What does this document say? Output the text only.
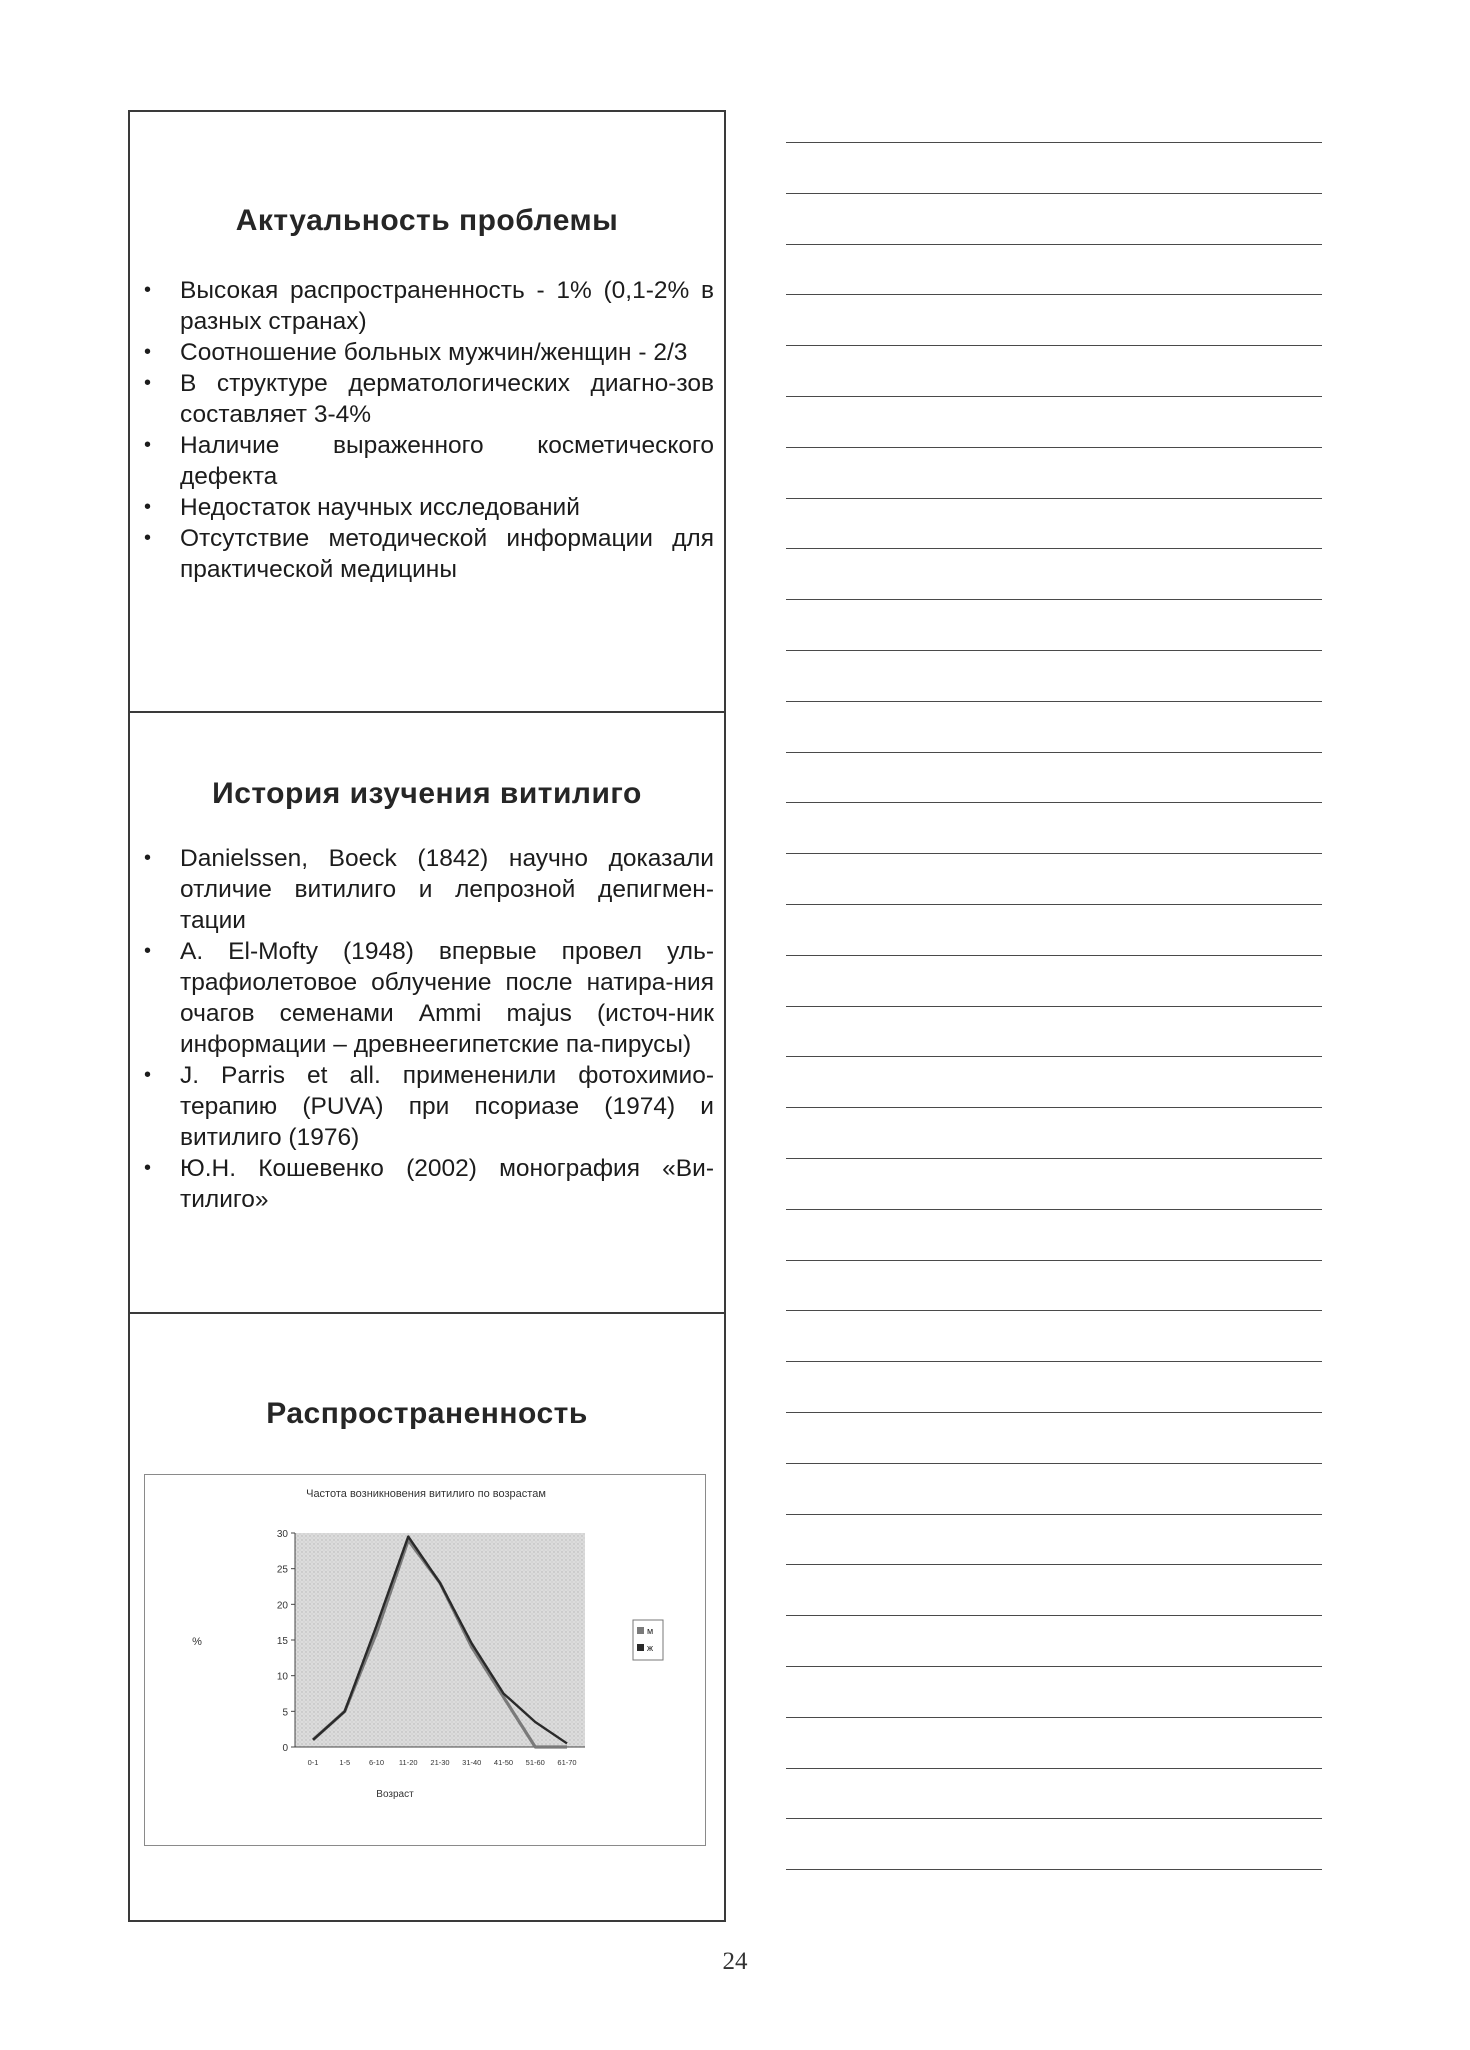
Актуальность проблемы
• Высокая распространенность - 1% (0,1-2% в разных странах)
• Соотношение больных мужчин/женщин - 2/3
• В структуре дерматологических диагно-зов составляет 3-4%
• Наличие выраженного косметического дефекта
• Недостаток научных исследований
• Отсутствие методической информации для практической медицины
История изучения витилиго
• Danielssen, Boeck (1842) научно доказали отличие витилиго и лепрозной депигмен-тации
• A. El-Mofty (1948) впервые провел уль-трафиолетовое облучение после натира-ния очагов семенами Ammi majus (источ-ник информации – древнеегипетские па-пирусы)
• J. Parris et all. примененили фотохимио-терапию (PUVA) при псориазе (1974) и витилиго (1976)
• Ю.Н. Кошевенко (2002) монография «Ви-тилиго»
Распространенность
Частота возникновения витилиго по возрастам
0
5
10
15
20
25
30
0-1	1-5	6-10 11-20 21-30 31-40 41-50 51-60 61-70
%
Возраст
м
ж
24
